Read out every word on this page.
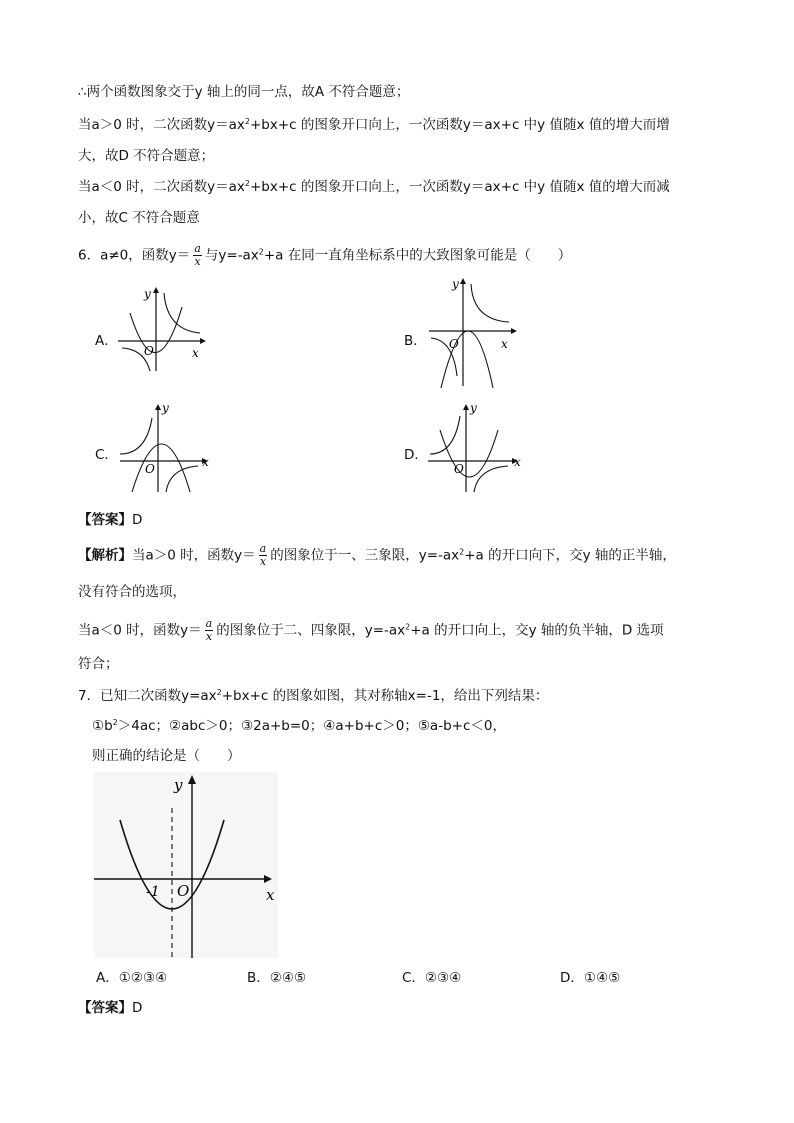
∴两个函数图象交于y 轴上的同一点，故A 不符合题意；
当a＞0 时，二次函数$y=ax^2+bx+c$ 的图象开口向上，一次函数y＝ax+c 中y 值随x 值的增大而增
大，故D 不符合题意；
当a＜0 时，二次函数$y=ax^2+bx+c$ 的图象开口向上，一次函数y＝ax+c 中y 值随x 值的增大而减
小，故C 不符合题意
6．a≠0，函数$y= \frac{a}{x}$ 与$y=-ax^2+a$ 在同一直角坐标系中的大致图象可能是（　　）
A．
y
x
O
B．
y
x
O
C．
y
x
O
D．
y
x
O
【答案】D
【解析】当a＞0 时，函数$y= \frac{a}{x}$ 的图象位于一、三象限，$y=-ax^2+a$ 的开口向下，交y 轴的正半轴，
没有符合的选项，
当a＜0 时，函数$y= \frac{a}{x}$ 的图象位于二、四象限，$y=-ax^2+a$ 的开口向上，交y 轴的负半轴，D 选项
符合；
7．已知二次函数$y=ax^2+bx+c$ 的图象如图，其对称轴x=-1，给出下列结果：
$①b^2>4ac$；②abc＞0；③2a+b=0；④a+b+c＞0；⑤a-b+c＜0，
则正确的结论是（　　）
y
x
O
-1
A．①②③④	B．②④⑤	C．②③④	D．①④⑤
【答案】D
